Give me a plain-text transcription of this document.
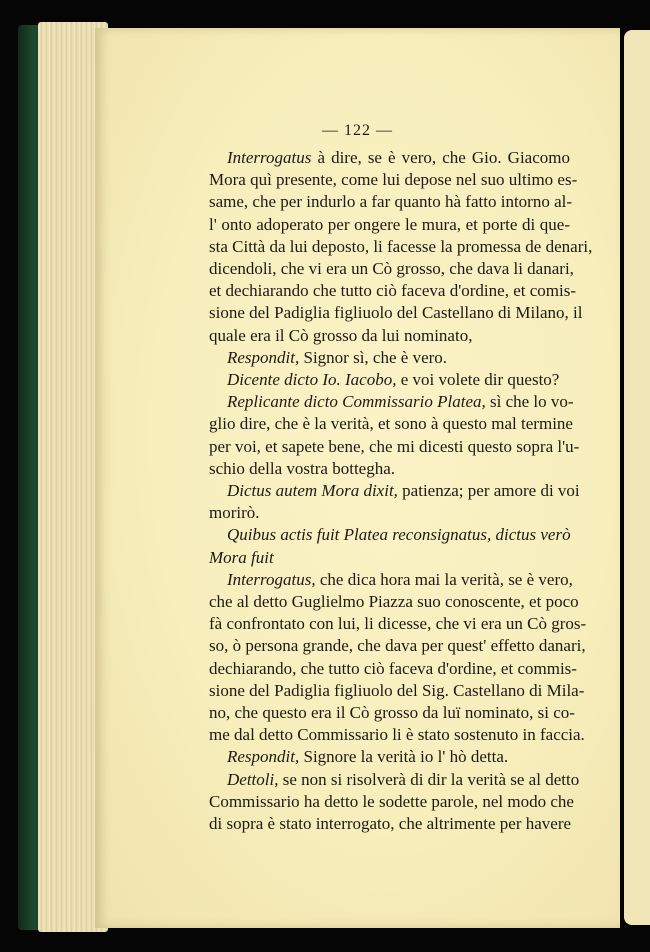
— 122 —
Interrogatus à dire, se è vero, che Gio. Giacomo
Mora quì presente, come lui depose nel suo ultimo es-
same, che per indurlo a far quanto hà fatto intorno al-
l' onto adoperato per ongere le mura, et porte di que-
sta Città da lui deposto, li facesse la promessa de denari,
dicendoli, che vi era un Cò grosso, che dava li danari,
et dechiarando che tutto ciò faceva d'ordine, et comis-
sione del Padiglia figliuolo del Castellano di Milano, il
quale era il Cò grosso da lui nominato,
Respondit, Signor sì, che è vero.
Dicente dicto Io. Iacobo, e voi volete dir questo?
Replicante dicto Commissario Platea, sì che lo vo-
glio dire, che è la verità, et sono à questo mal termine
per voi, et sapete bene, che mi dicesti questo sopra l'u-
schio della vostra bottegha.
Dictus autem Mora dixit, patienza; per amore di voi
morirò.
Quibus actis fuit Platea reconsignatus, dictus verò
Mora fuit
Interrogatus, che dica hora mai la verità, se è vero,
che al detto Guglielmo Piazza suo conoscente, et poco
fà confrontato con lui, li dicesse, che vi era un Cò gros-
so, ò persona grande, che dava per quest' effetto danari,
dechiarando, che tutto ciò faceva d'ordine, et commis-
sione del Padiglia figliuolo del Sig. Castellano di Mila-
no, che questo era il Cò grosso da luï nominato, si co-
me dal detto Commissario li è stato sostenuto in faccia.
Respondit, Signore la verità io l' hò detta.
Dettoli, se non si risolverà di dir la verità se al detto
Commissario ha detto le sodette parole, nel modo che
di sopra è stato interrogato, che altrimente per havere
